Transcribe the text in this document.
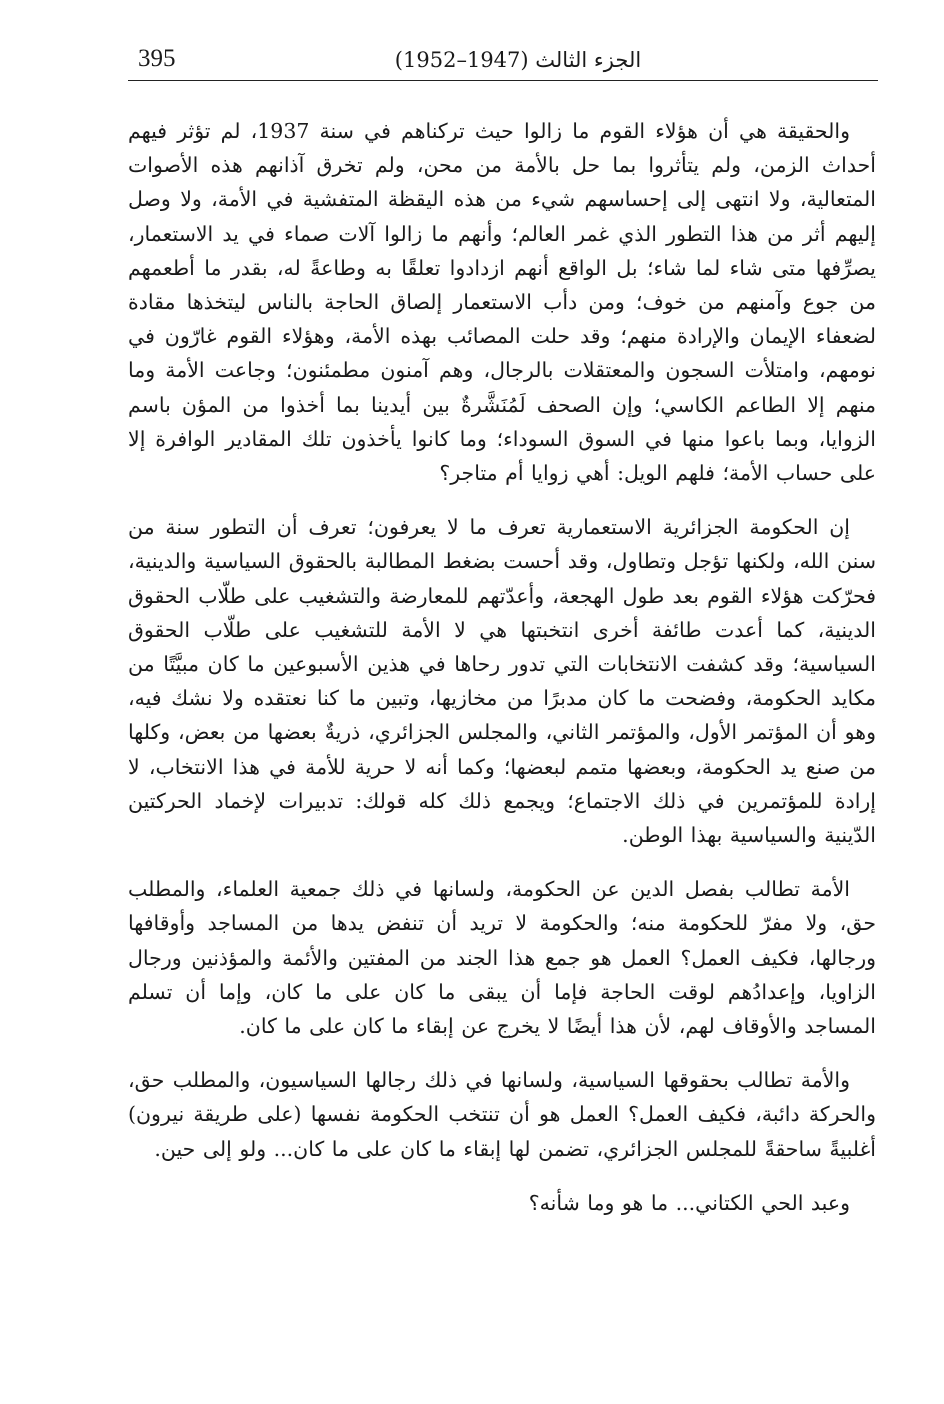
395	الجزء الثالث (1947–1952)

والحقيقة هي أن هؤلاء القوم ما زالوا حيث تركناهم في سنة 1937، لم تؤثر فيهم أحداث الزمن، ولم يتأثروا بما حل بالأمة من محن، ولم تخرق آذانهم هذه الأصوات المتعالية، ولا انتهى إلى إحساسهم شيء من هذه اليقظة المتفشية في الأمة، ولا وصل إليهم أثر من هذا التطور الذي غمر العالم؛ وأنهم ما زالوا آلات صماء في يد الاستعمار، يصرِّفها متى شاء لما شاء؛ بل الواقع أنهم ازدادوا تعلقًا به وطاعةً له، بقدر ما أطعمهم من جوع وآمنهم من خوف؛ ومن دأب الاستعمار إلصاق الحاجة بالناس ليتخذها مقادة لضعفاء الإيمان والإرادة منهم؛ وقد حلت المصائب بهذه الأمة، وهؤلاء القوم غارّون في نومهم، وامتلأت السجون والمعتقلات بالرجال، وهم آمنون مطمئنون؛ وجاعت الأمة وما منهم إلا الطاعم الكاسي؛ وإن الصحف لَمُنَشَّرةٌ بين أيدينا بما أخذوا من المؤن باسم الزوايا، وبما باعوا منها في السوق السوداء؛ وما كانوا يأخذون تلك المقادير الوافرة إلا على حساب الأمة؛ فلهم الويل: أهي زوايا أم متاجر؟

إن الحكومة الجزائرية الاستعمارية تعرف ما لا يعرفون؛ تعرف أن التطور سنة من سنن الله، ولكنها تؤجل وتطاول، وقد أحست بضغط المطالبة بالحقوق السياسية والدينية، فحرّكت هؤلاء القوم بعد طول الهجعة، وأعدّتهم للمعارضة والتشغيب على طلّاب الحقوق الدينية، كما أعدت طائفة أخرى انتخبتها هي لا الأمة للتشغيب على طلّاب الحقوق السياسية؛ وقد كشفت الانتخابات التي تدور رحاها في هذين الأسبوعين ما كان مبيَّتًا من مكايد الحكومة، وفضحت ما كان مدبرًا من مخازيها، وتبين ما كنا نعتقده ولا نشك فيه، وهو أن المؤتمر الأول، والمؤتمر الثاني، والمجلس الجزائري، ذريةٌ بعضها من بعض، وكلها من صنع يد الحكومة، وبعضها متمم لبعضها؛ وكما أنه لا حرية للأمة في هذا الانتخاب، لا إرادة للمؤتمرين في ذلك الاجتماع؛ ويجمع ذلك كله قولك: تدبيرات لإخماد الحركتين الدّينية والسياسية بهذا الوطن.

الأمة تطالب بفصل الدين عن الحكومة، ولسانها في ذلك جمعية العلماء، والمطلب حق، ولا مفرّ للحكومة منه؛ والحكومة لا تريد أن تنفض يدها من المساجد وأوقافها ورجالها، فكيف العمل؟ العمل هو جمع هذا الجند من المفتين والأئمة والمؤذنين ورجال الزاويا، وإعدادُهم لوقت الحاجة فإما أن يبقى ما كان على ما كان، وإما أن تسلم المساجد والأوقاف لهم، لأن هذا أيضًا لا يخرج عن إبقاء ما كان على ما كان.

والأمة تطالب بحقوقها السياسية، ولسانها في ذلك رجالها السياسيون، والمطلب حق، والحركة دائبة، فكيف العمل؟ العمل هو أن تنتخب الحكومة نفسها (على طريقة نيرون) أغلبيةً ساحقةً للمجلس الجزائري، تضمن لها إبقاء ما كان على ما كان... ولو إلى حين.

وعبد الحي الكتاني... ما هو وما شأنه؟
